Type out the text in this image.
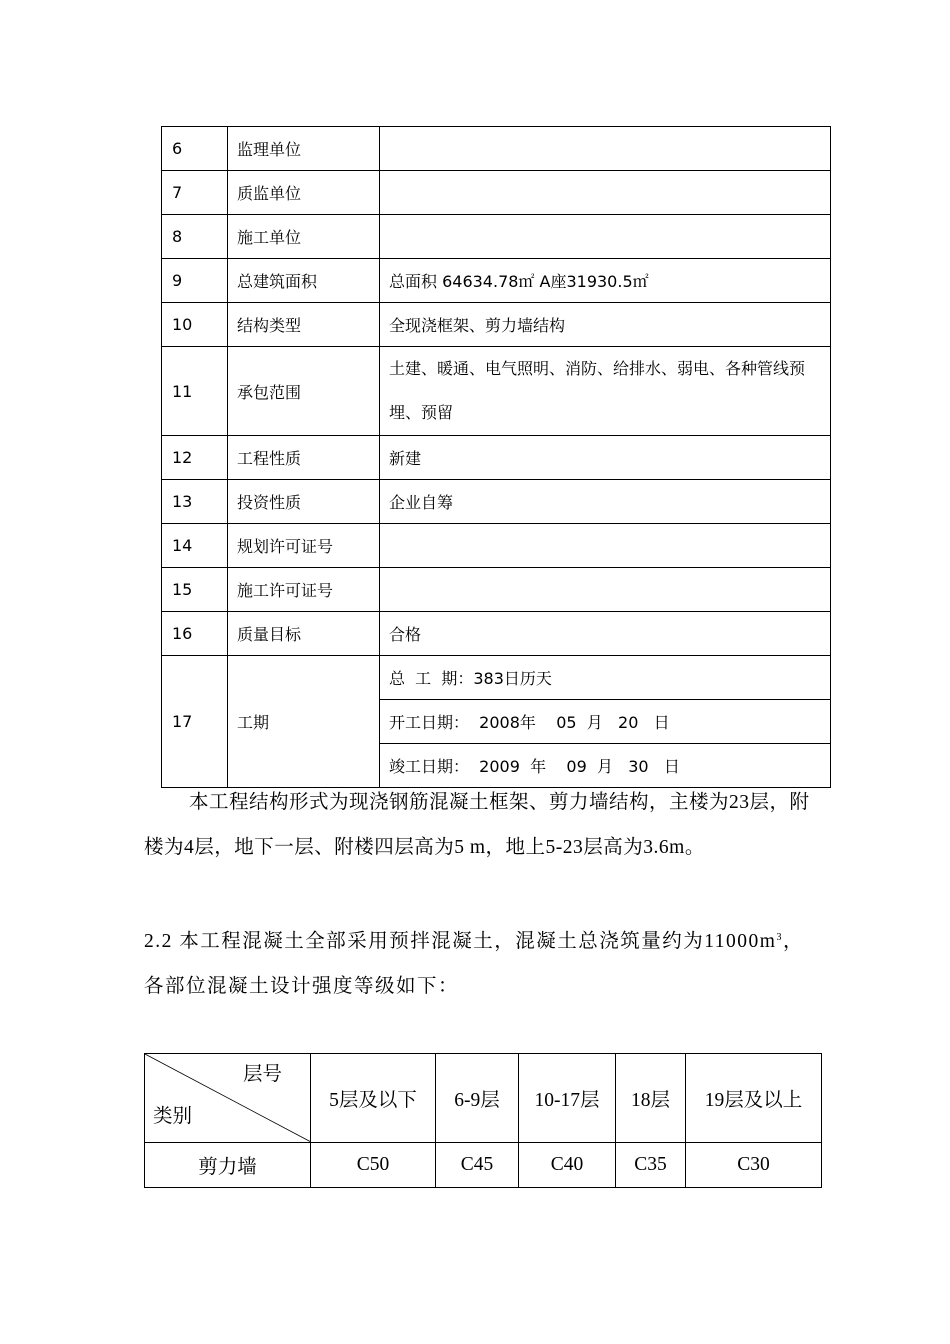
6	监理单位	
7	质监单位	
8	施工单位	
9	总建筑面积	总面积 64634.78㎡ A座31930.5㎡
10	结构类型	全现浇框架、剪力墙结构
11	承包范围	土建、暖通、电气照明、消防、给排水、弱电、各种管线预埋、预留
12	工程性质	新建
13	投资性质	企业自筹
14	规划许可证号	
15	施工许可证号	
16	质量目标	合格
17	工期	总  工  期：383日历天
		开工日期：  2008年    05  月   20   日
		竣工日期：  2009  年    09  月   30   日
本工程结构形式为现浇钢筋混凝土框架、剪力墙结构，主楼为23层，附楼为4层，地下一层、附楼四层高为5 m，地上5-23层高为3.6m。
2.2 本工程混凝土全部采用预拌混凝土，混凝土总浇筑量约为$11000m^3$，各部位混凝土设计强度等级如下：
层号
类别	5层及以下	6-9层	10-17层	18层	19层及以上
剪力墙	C50	C45	C40	C35	C30
